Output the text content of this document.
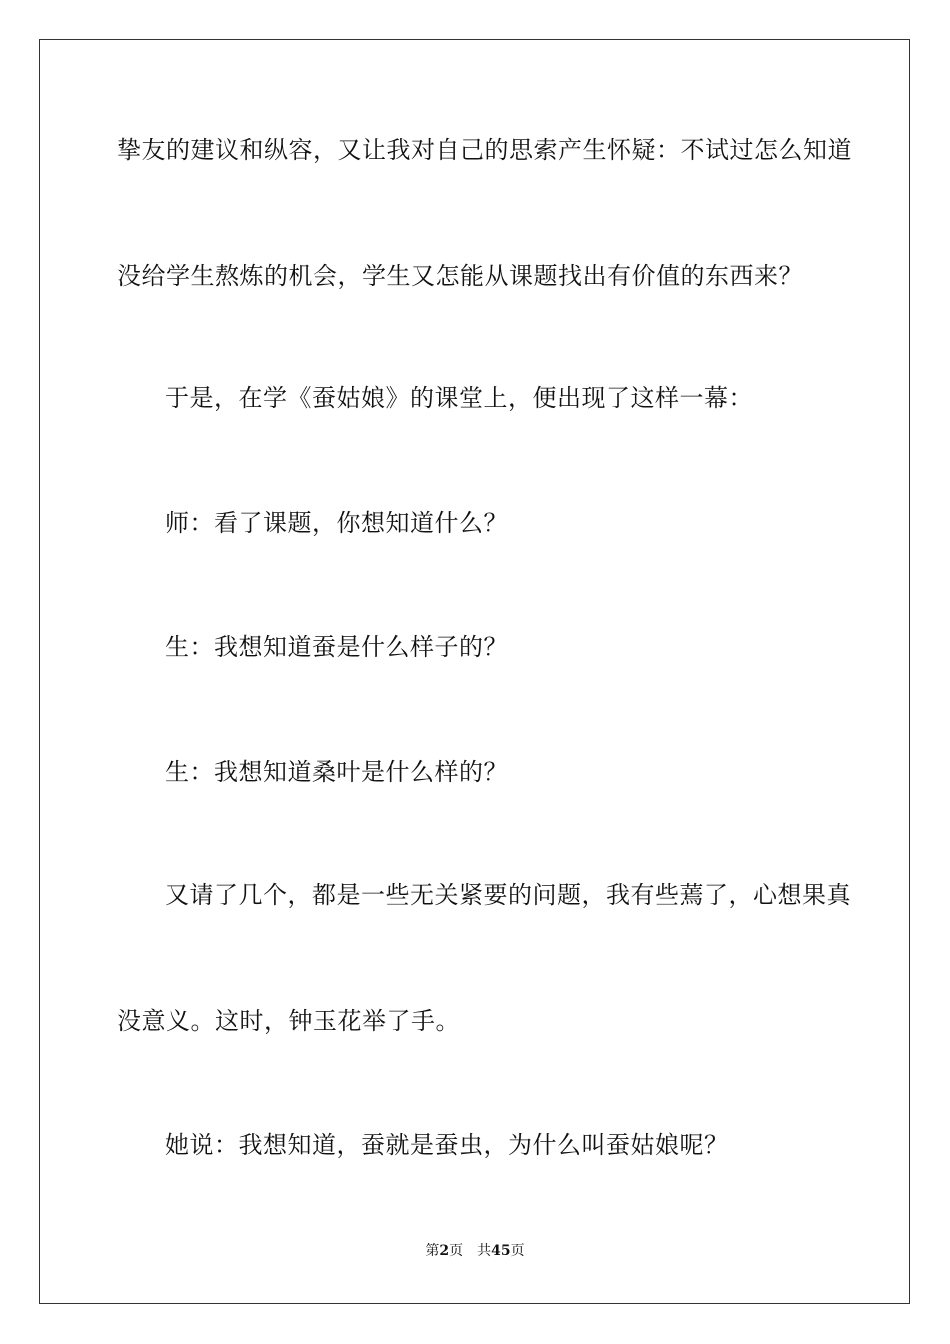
挚友的建议和纵容，又让我对自己的思索产生怀疑：不试过怎么知道
没给学生熬炼的机会，学生又怎能从课题找出有价值的东西来？
于是，在学《蚕姑娘》的课堂上，便出现了这样一幕：
师：看了课题，你想知道什么？
生：我想知道蚕是什么样子的？
生：我想知道桑叶是什么样的？
又请了几个，都是一些无关紧要的问题，我有些蔫了，心想果真
没意义。这时，钟玉花举了手。
她说：我想知道，蚕就是蚕虫，为什么叫蚕姑娘呢？
第2页 共45页
